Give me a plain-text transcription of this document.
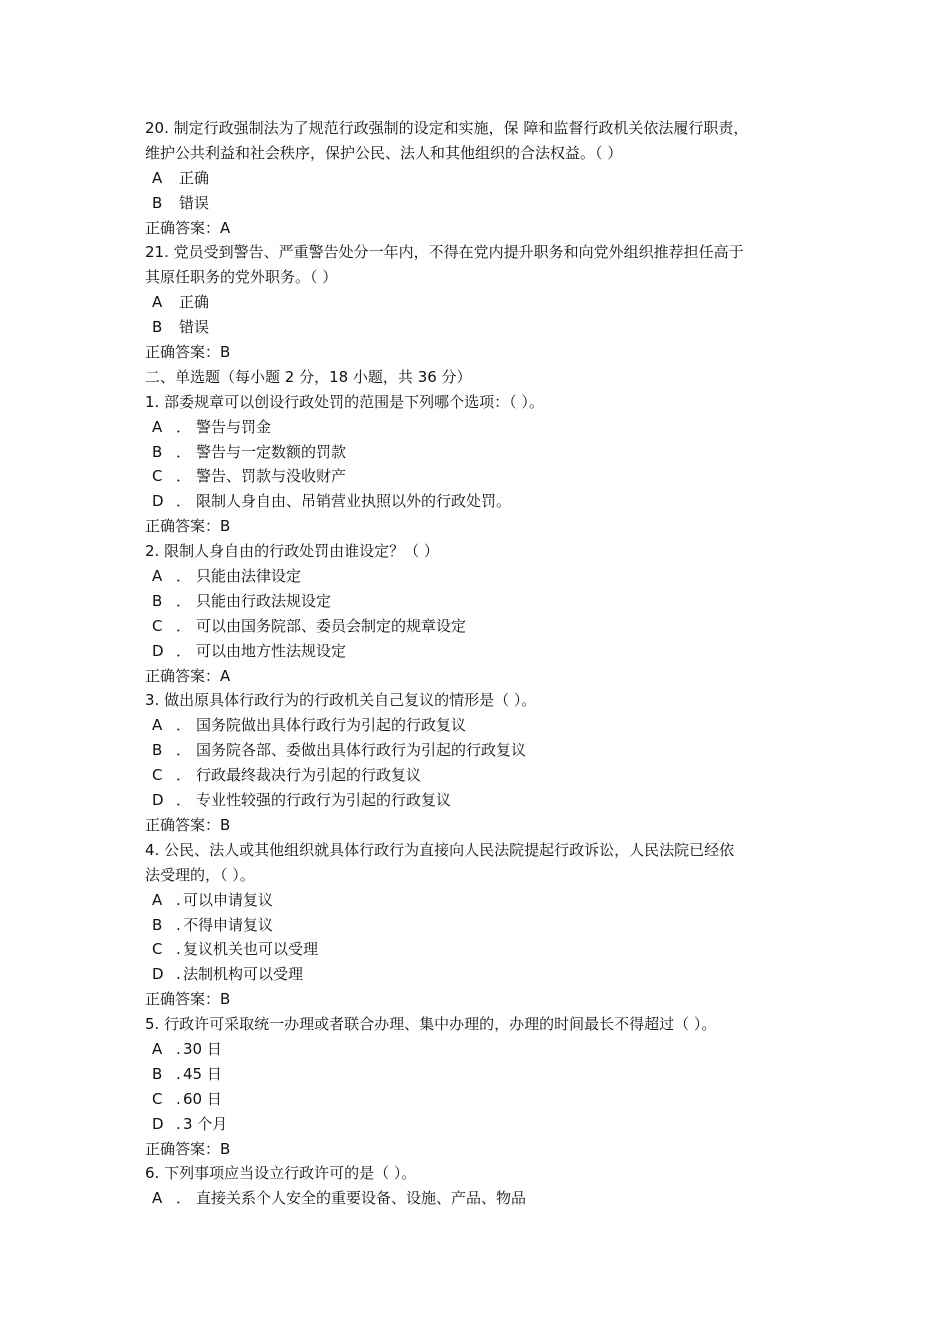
20. 制定行政强制法为了规范行政强制的设定和实施，保 障和监督行政机关依法履行职责，
维护公共利益和社会秩序，保护公民、法人和其他组织的合法权益。（ ）
A	正确
B	错误
正确答案：A
21. 党员受到警告、严重警告处分一年内，不得在党内提升职务和向党外组织推荐担任高于
其原任职务的党外职务。（ ）
A	正确
B	错误
正确答案：B
二、单选题（每小题 2 分，18 小题，共 36 分）
1. 部委规章可以创设行政处罚的范围是下列哪个选项：（ ）。
A ． 警告与罚金
B ． 警告与一定数额的罚款
C ． 警告、罚款与没收财产
D ． 限制人身自由、吊销营业执照以外的行政处罚。
正确答案：B
2. 限制人身自由的行政处罚由谁设定？（ ）
A ． 只能由法律设定
B ． 只能由行政法规设定
C ． 可以由国务院部、委员会制定的规章设定
D ． 可以由地方性法规设定
正确答案：A
3. 做出原具体行政行为的行政机关自己复议的情形是（ ）。
A ． 国务院做出具体行政行为引起的行政复议
B ． 国务院各部、委做出具体行政行为引起的行政复议
C ． 行政最终裁决行为引起的行政复议
D ． 专业性较强的行政行为引起的行政复议
正确答案：B
4. 公民、法人或其他组织就具体行政行为直接向人民法院提起行政诉讼，人民法院已经依
法受理的，（ ）。
A . 可以申请复议
B . 不得申请复议
C . 复议机关也可以受理
D . 法制机构可以受理
正确答案：B
5. 行政许可采取统一办理或者联合办理、集中办理的，办理的时间最长不得超过（ ）。
A . 30 日
B . 45 日
C . 60 日
D . 3 个月
正确答案：B
6. 下列事项应当设立行政许可的是（ ）。
A ． 直接关系个人安全的重要设备、设施、产品、物品
